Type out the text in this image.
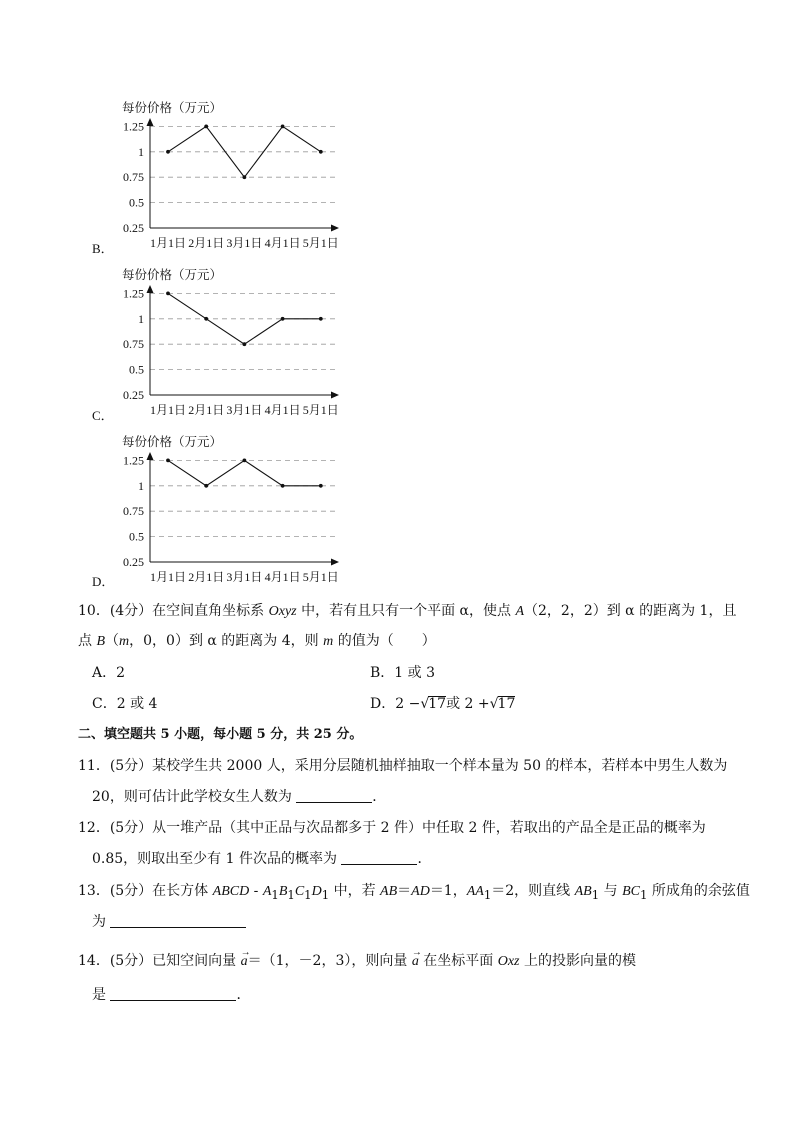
每份价格（万元）
1.25
1
0.75
0.5
0.25
1月1日 2月1日 3月1日 4月1日 5月1日
B．
每份价格（万元）
1.25
1
0.75
0.5
0.25
1月1日 2月1日 3月1日 4月1日 5月1日
C．
每份价格（万元）
1.25
1
0.75
0.5
0.25
1月1日 2月1日 3月1日 4月1日 5月1日
D．
10．(4分）在空间直角坐标系 Oxyz 中，若有且只有一个平面 α，使点 A（2，2，2）到 α 的距离为 1，且
点 B（m，0，0）到 α 的距离为 4，则 m 的值为（　　）
A．2	B．1 或 3
C．2 或 4	D．2 −√17或 2 +√17
二、填空题共 5 小题，每小题 5 分，共 25 分。
11．(5分）某校学生共 2000 人，采用分层随机抽样抽取一个样本量为 50 的样本，若样本中男生人数为
20，则可估计此学校女生人数为	．
12．(5分）从一堆产品（其中正品与次品都多于 2 件）中任取 2 件，若取出的产品全是正品的概率为
0.85，则取出至少有 1 件次品的概率为	．
13．(5分）在长方体 ABCD - $A_1B_1C_1D_1$ 中，若 AB＝AD＝1，$AA_1=2$，则直线 $AB_1$ 与 $BC_1$ 所成角的余弦值
为
14．(5分）已知空间向量
→
a＝（1，－2，3），则向量
→
a 在坐标平面 Oxz 上的投影向量的模
是	．
